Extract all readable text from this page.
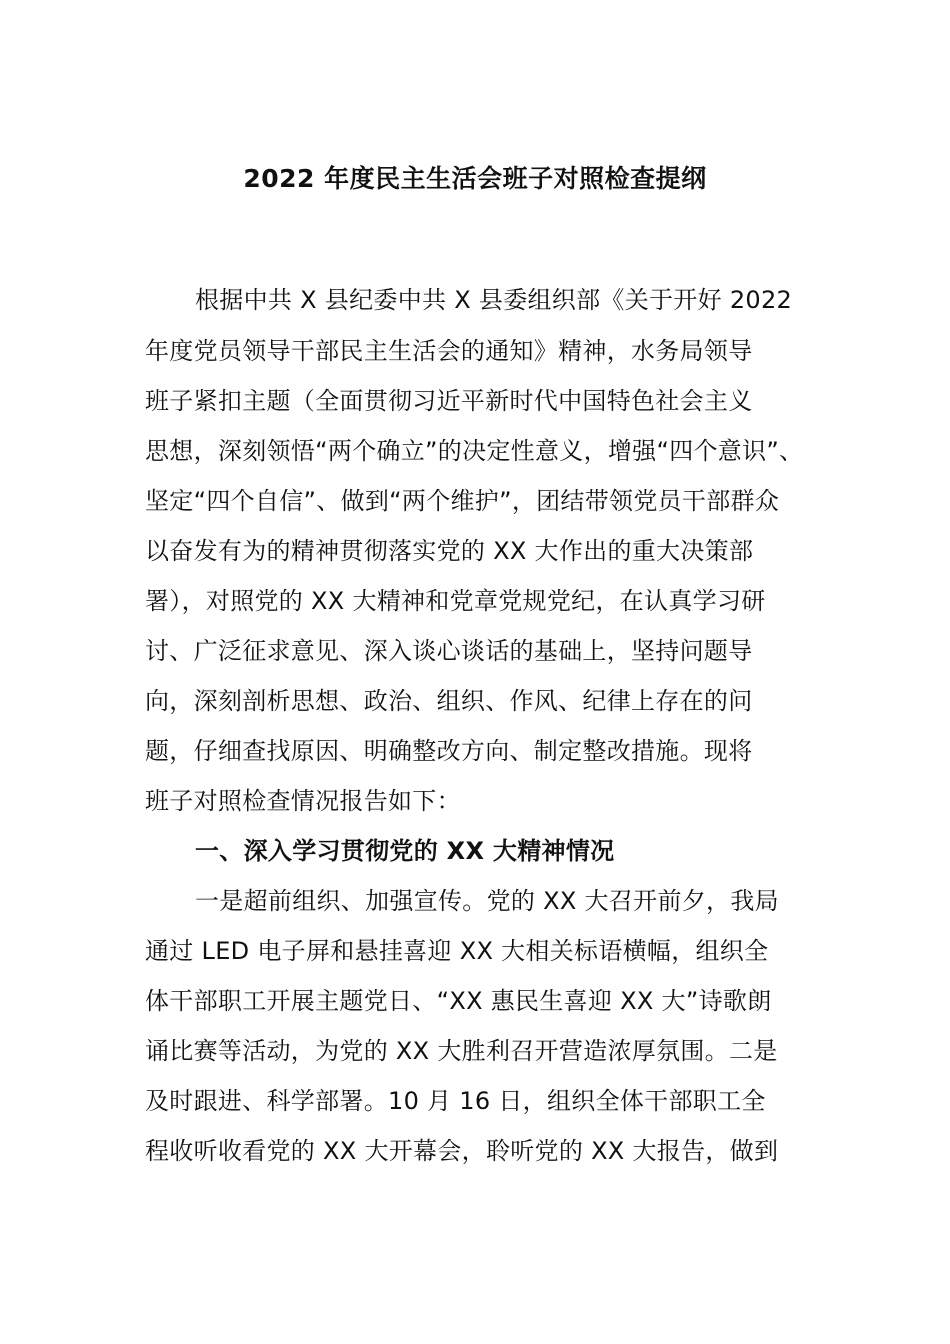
2022 年度民主生活会班子对照检查提纲
根据中共 X 县纪委中共 X 县委组织部《关于开好 2022
年度党员领导干部民主生活会的通知》精神，水务局领导
班子紧扣主题（全面贯彻习近平新时代中国特色社会主义
思想，深刻领悟“两个确立”的决定性意义，增强“四个意识”、
坚定“四个自信”、做到“两个维护”，团结带领党员干部群众
以奋发有为的精神贯彻落实党的 XX 大作出的重大决策部
署），对照党的 XX 大精神和党章党规党纪，在认真学习研
讨、广泛征求意见、深入谈心谈话的基础上，坚持问题导
向，深刻剖析思想、政治、组织、作风、纪律上存在的问
题，仔细查找原因、明确整改方向、制定整改措施。现将
班子对照检查情况报告如下：
一、深入学习贯彻党的 XX 大精神情况
一是超前组织、加强宣传。党的 XX 大召开前夕，我局
通过 LED 电子屏和悬挂喜迎 XX 大相关标语横幅，组织全
体干部职工开展主题党日、“XX 惠民生喜迎 XX 大”诗歌朗
诵比赛等活动，为党的 XX 大胜利召开营造浓厚氛围。二是
及时跟进、科学部署。10 月 16 日，组织全体干部职工全
程收听收看党的 XX 大开幕会，聆听党的 XX 大报告，做到
